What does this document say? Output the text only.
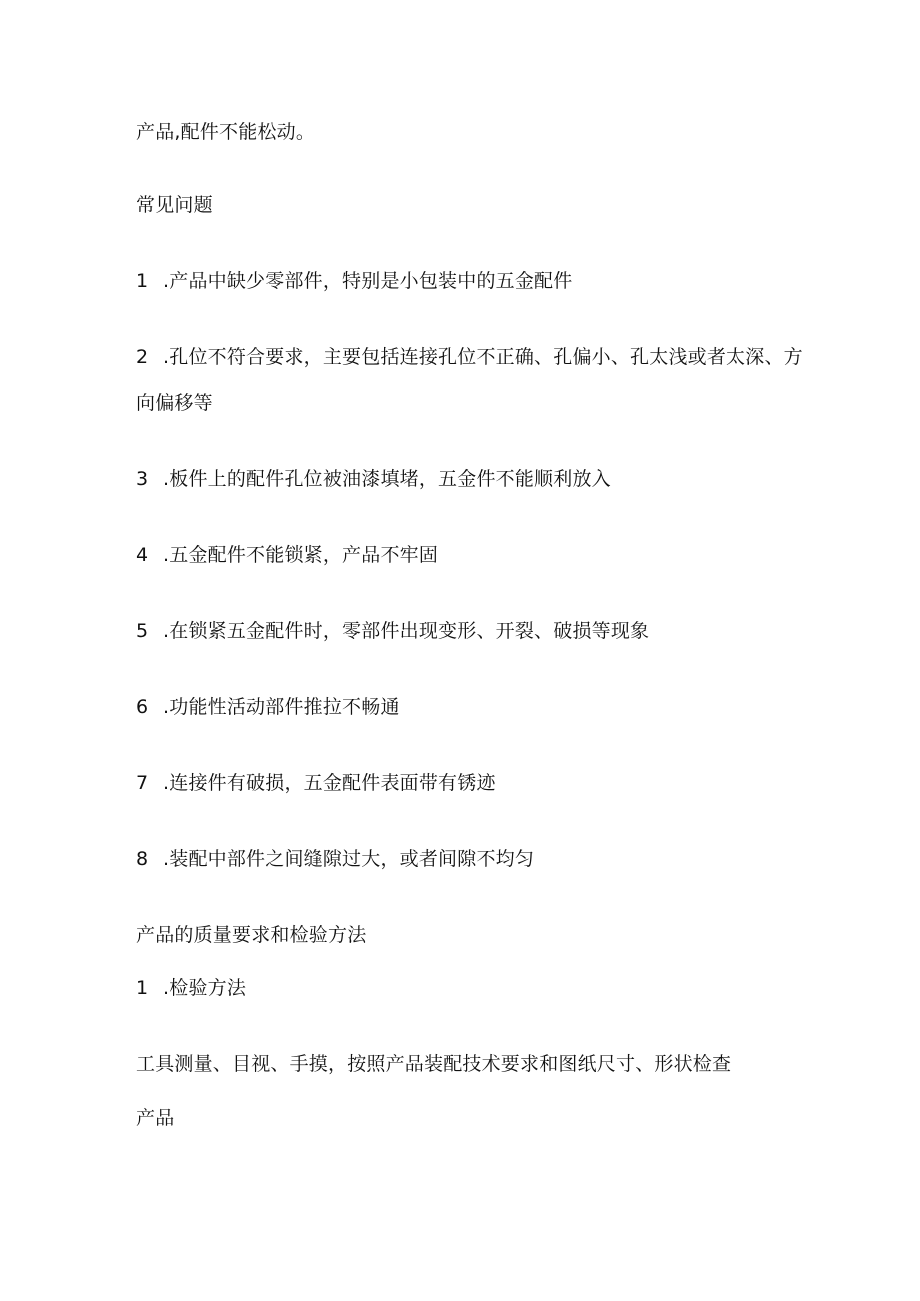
产品,配件不能松动。
常见问题
1 .产品中缺少零部件，特别是小包装中的五金配件
2 .孔位不符合要求，主要包括连接孔位不正确、孔偏小、孔太浅或者太深、方
向偏移等
3 .板件上的配件孔位被油漆填堵，五金件不能顺利放入
4 .五金配件不能锁紧，产品不牢固
5 .在锁紧五金配件时，零部件出现变形、开裂、破损等现象
6 .功能性活动部件推拉不畅通
7 .连接件有破损，五金配件表面带有锈迹
8 .装配中部件之间缝隙过大，或者间隙不均匀
产品的质量要求和检验方法
1 .检验方法
工具测量、目视、手摸，按照产品装配技术要求和图纸尺寸、形状检查
产品
